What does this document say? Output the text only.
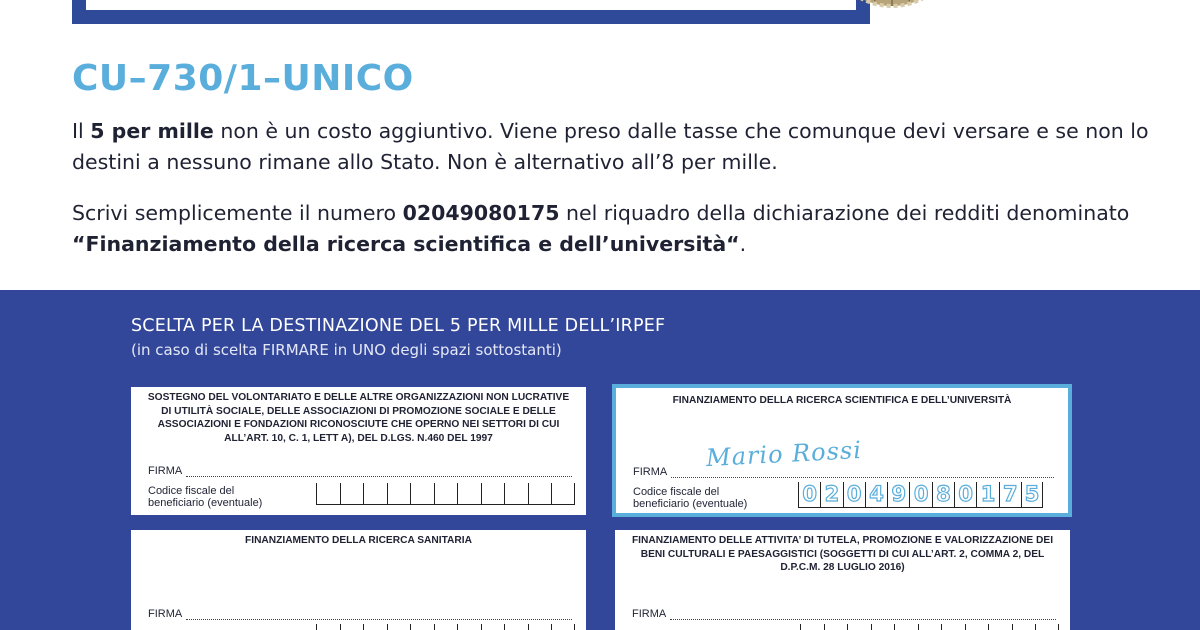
CU–730/1–UNICO

Il 5 per mille non è un costo aggiuntivo. Viene preso dalle tasse che comunque devi versare e se non lo destini a nessuno rimane allo Stato. Non è alternativo all’8 per mille.

Scrivi semplicemente il numero 02049080175 nel riquadro della dichiarazione dei redditi denominato “Finanziamento della ricerca scientifica e dell’università“.

SCELTA PER LA DESTINAZIONE DEL 5 PER MILLE DELL’IRPEF
(in caso di scelta FIRMARE in UNO degli spazi sottostanti)
SOSTEGNO DEL VOLONTARIATO E DELLE ALTRE ORGANIZZAZIONI NON LUCRATIVE DI UTILITÀ SOCIALE, DELLE ASSOCIAZIONI DI PROMOZIONE SOCIALE E DELLE ASSOCIAZIONI E FONDAZIONI RICONOSCIUTE CHE OPERNO NEI SETTORI DI CUI ALL’ART. 10, C. 1, LETT A), DEL D.LGS. N.460 DEL 1997
FIRMA
Codice fiscale del beneficiario (eventuale)
FINANZIAMENTO DELLA RICERCA SCIENTIFICA E DELL’UNIVERSITÀ
Mario Rossi
FIRMA
Codice fiscale del beneficiario (eventuale)	0 2 0 4 9 0 8 0 1 7 5
FINANZIAMENTO DELLA RICERCA SANITARIA
FIRMA
FINANZIAMENTO DELLE ATTIVITA’ DI TUTELA, PROMOZIONE E VALORIZZAZIONE DEI BENI CULTURALI E PAESAGGISTICI (SOGGETTI DI CUI ALL’ART. 2, COMMA 2, DEL D.P.C.M. 28 LUGLIO 2016)
FIRMA
